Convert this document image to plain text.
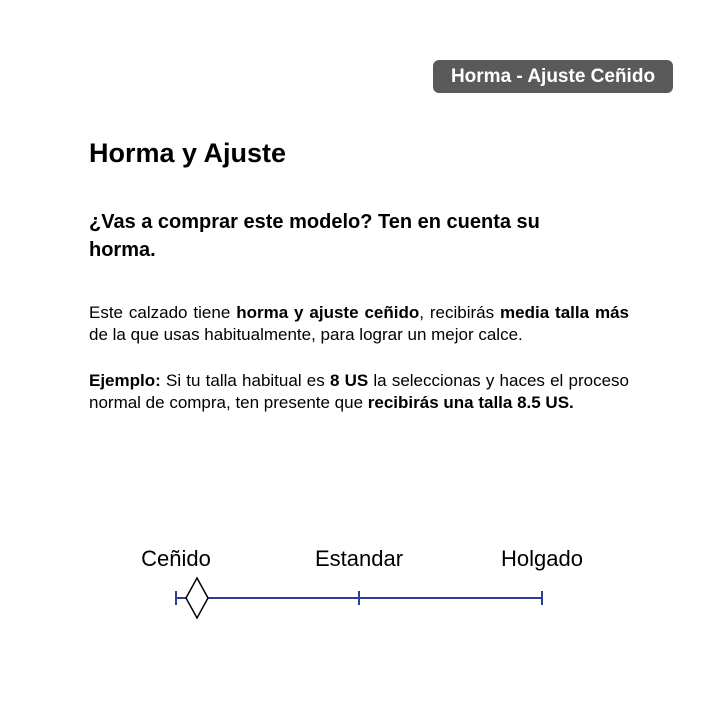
Horma - Ajuste Ceñido
Horma y Ajuste
¿Vas a comprar este modelo? Ten en cuenta su horma.

Este calzado tiene horma y ajuste ceñido, recibirás media talla más de la que usas habitualmente, para lograr un mejor calce.

Ejemplo: Si tu talla habitual es 8 US la seleccionas y haces el proceso normal de compra, ten presente que recibirás una talla 8.5 US.

Ceñido	Estandar	Holgado
